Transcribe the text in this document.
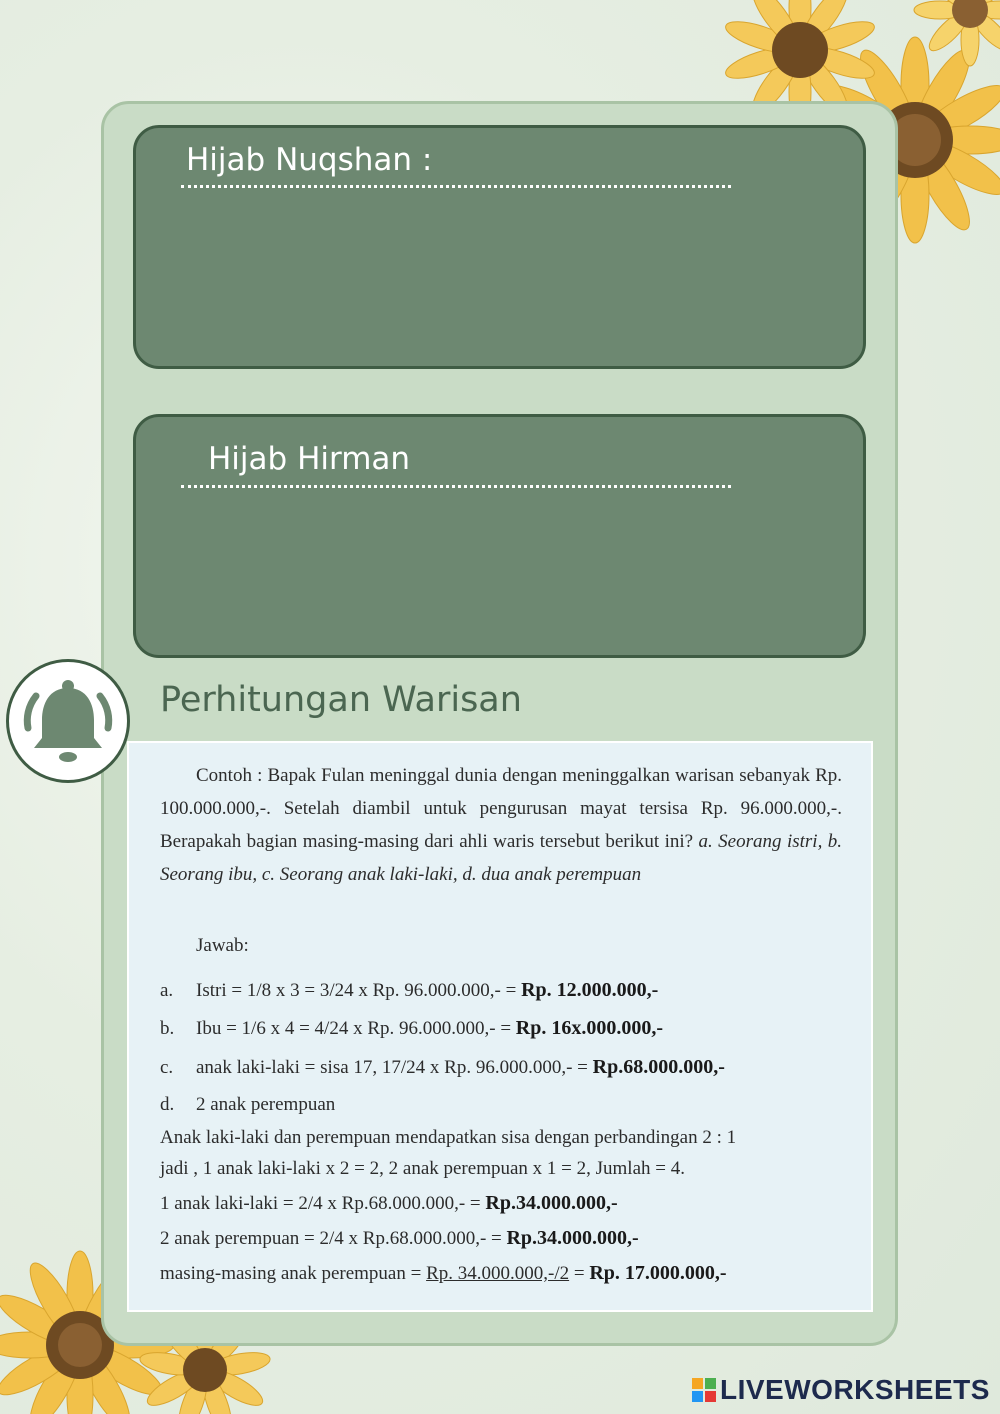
Hijab Nuqshan :
Hijab Hirman
Perhitungan Warisan
Contoh : Bapak Fulan meninggal dunia dengan meninggalkan warisan sebanyak Rp. 100.000.000,-. Setelah diambil untuk pengurusan mayat tersisa Rp. 96.000.000,-. Berapakah bagian masing-masing dari ahli waris tersebut berikut ini? a. Seorang istri, b. Seorang ibu, c. Seorang anak laki-laki, d. dua anak perempuan
Jawab:
a. Istri = 1/8 x 3 = 3/24 x Rp. 96.000.000,- = Rp. 12.000.000,-
b. Ibu = 1/6 x 4 = 4/24 x Rp. 96.000.000,- = Rp. 16x.000.000,-
c. anak laki-laki = sisa 17, 17/24 x Rp. 96.000.000,- = Rp.68.000.000,-
d. 2 anak perempuan
Anak laki-laki dan perempuan mendapatkan sisa dengan perbandingan 2 : 1
jadi , 1 anak laki-laki x 2 = 2, 2 anak perempuan x 1 = 2, Jumlah = 4.
1 anak laki-laki = 2/4 x Rp.68.000.000,- = Rp.34.000.000,-
2 anak perempuan = 2/4 x Rp.68.000.000,- = Rp.34.000.000,-
masing-masing anak perempuan = Rp. 34.000.000,-/2 = Rp. 17.000.000,-
LIVEWORKSHEETS
